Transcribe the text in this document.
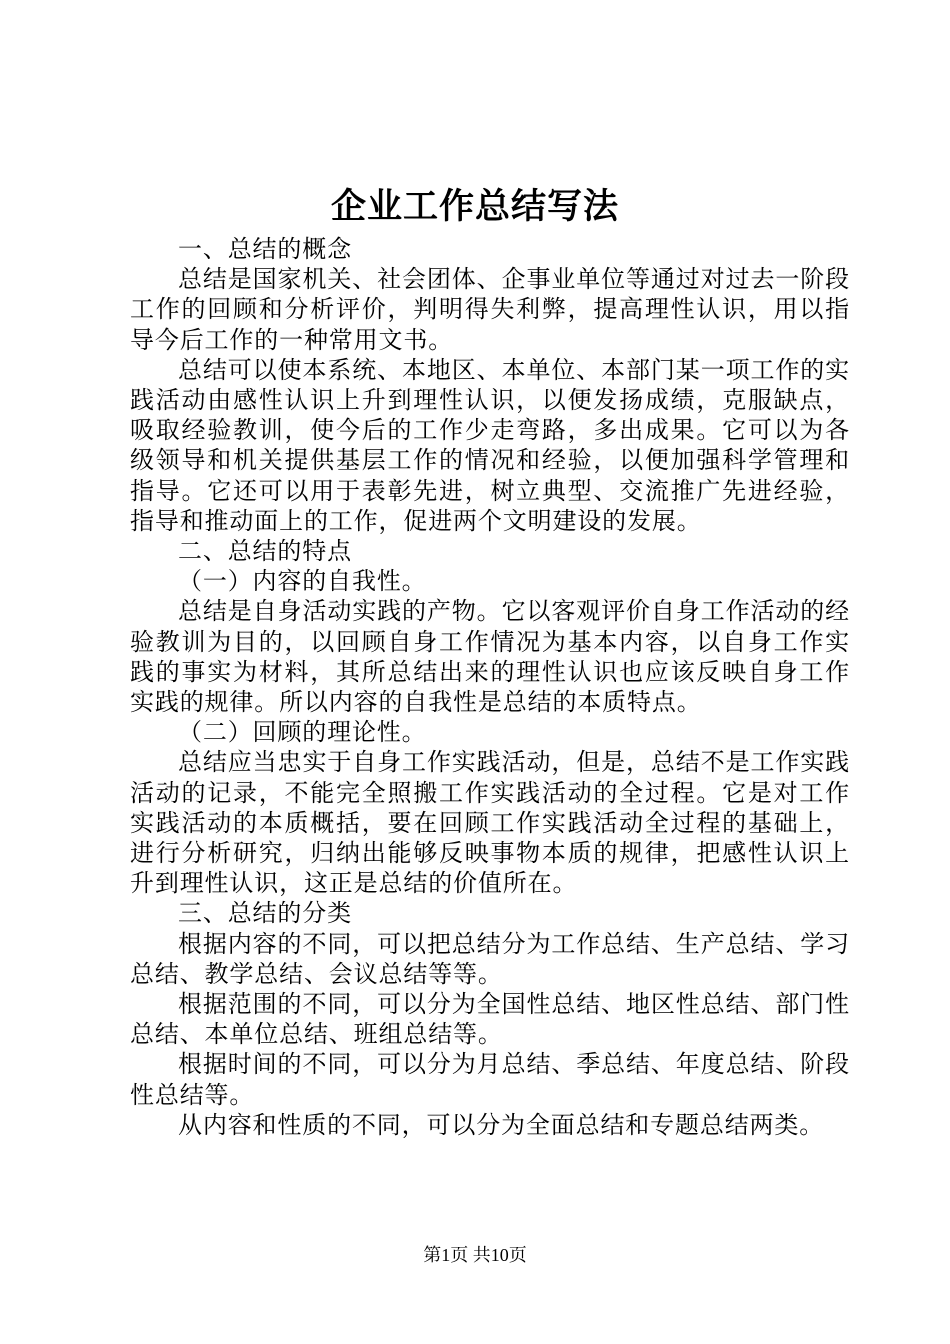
企业工作总结写法

一、总结的概念

总结是国家机关、社会团体、企事业单位等通过对过去一阶段工作的回顾和分析评价，判明得失利弊，提高理性认识，用以指导今后工作的一种常用文书。

总结可以使本系统、本地区、本单位、本部门某一项工作的实践活动由感性认识上升到理性认识，以便发扬成绩，克服缺点，吸取经验教训，使今后的工作少走弯路，多出成果。它可以为各级领导和机关提供基层工作的情况和经验，以便加强科学管理和指导。它还可以用于表彰先进，树立典型、交流推广先进经验，指导和推动面上的工作，促进两个文明建设的发展。

二、总结的特点

（一）内容的自我性。

总结是自身活动实践的产物。它以客观评价自身工作活动的经验教训为目的，以回顾自身工作情况为基本内容，以自身工作实践的事实为材料，其所总结出来的理性认识也应该反映自身工作实践的规律。所以内容的自我性是总结的本质特点。

（二）回顾的理论性。

总结应当忠实于自身工作实践活动，但是，总结不是工作实践活动的记录，不能完全照搬工作实践活动的全过程。它是对工作实践活动的本质概括，要在回顾工作实践活动全过程的基础上，进行分析研究，归纳出能够反映事物本质的规律，把感性认识上升到理性认识，这正是总结的价值所在。

三、总结的分类

根据内容的不同，可以把总结分为工作总结、生产总结、学习总结、教学总结、会议总结等等。

根据范围的不同，可以分为全国性总结、地区性总结、部门性总结、本单位总结、班组总结等。

根据时间的不同，可以分为月总结、季总结、年度总结、阶段性总结等。

从内容和性质的不同，可以分为全面总结和专题总结两类。

第1页 共10页
